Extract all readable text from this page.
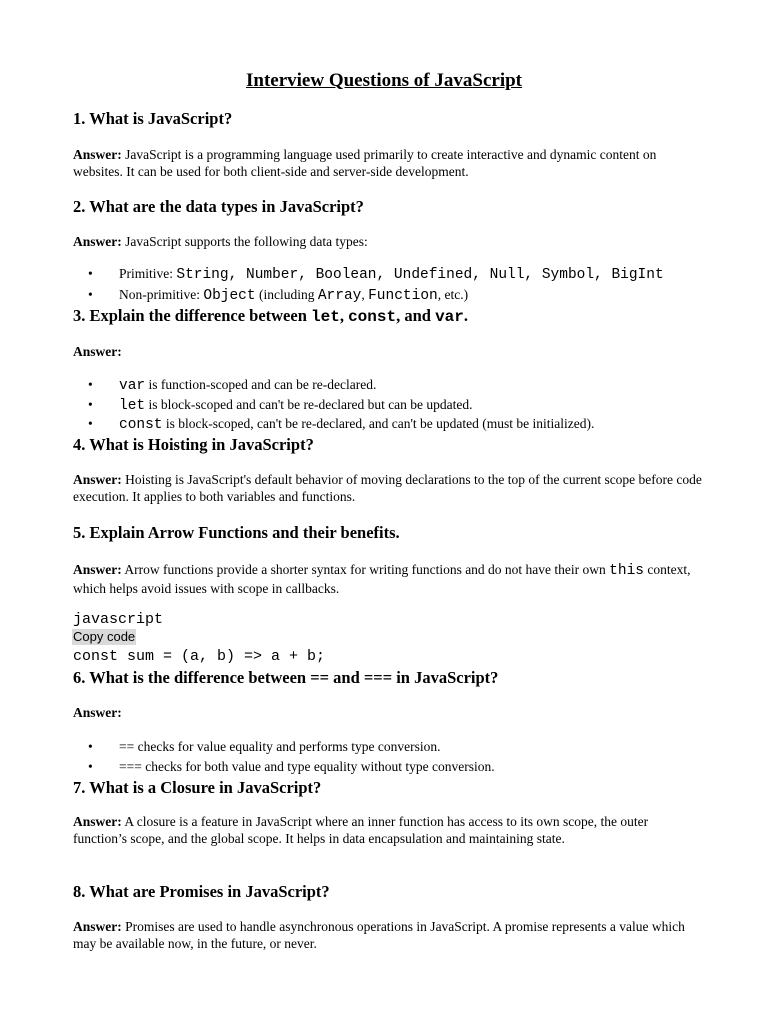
Interview Questions of JavaScript
1. What is JavaScript?

Answer: JavaScript is a programming language used primarily to create interactive and dynamic content on websites. It can be used for both client-side and server-side development.

2. What are the data types in JavaScript?

Answer: JavaScript supports the following data types:

• Primitive: String, Number, Boolean, Undefined, Null, Symbol, BigInt
• Non-primitive: Object (including Array, Function, etc.)
3. Explain the difference between let, const, and var.

Answer:

• var is function-scoped and can be re-declared.
• let is block-scoped and can't be re-declared but can be updated.
• const is block-scoped, can't be re-declared, and can't be updated (must be initialized).
4. What is Hoisting in JavaScript?

Answer: Hoisting is JavaScript's default behavior of moving declarations to the top of the current scope before code execution. It applies to both variables and functions.

5. Explain Arrow Functions and their benefits.

Answer: Arrow functions provide a shorter syntax for writing functions and do not have their own this context, which helps avoid issues with scope in callbacks.

javascript
Copy code
const sum = (a, b) => a + b;
6. What is the difference between == and === in JavaScript?

Answer:

• == checks for value equality and performs type conversion.
• === checks for both value and type equality without type conversion.
7. What is a Closure in JavaScript?

Answer: A closure is a feature in JavaScript where an inner function has access to its own scope, the outer function’s scope, and the global scope. It helps in data encapsulation and maintaining state.

8. What are Promises in JavaScript?

Answer: Promises are used to handle asynchronous operations in JavaScript. A promise represents a value which may be available now, in the future, or never.
